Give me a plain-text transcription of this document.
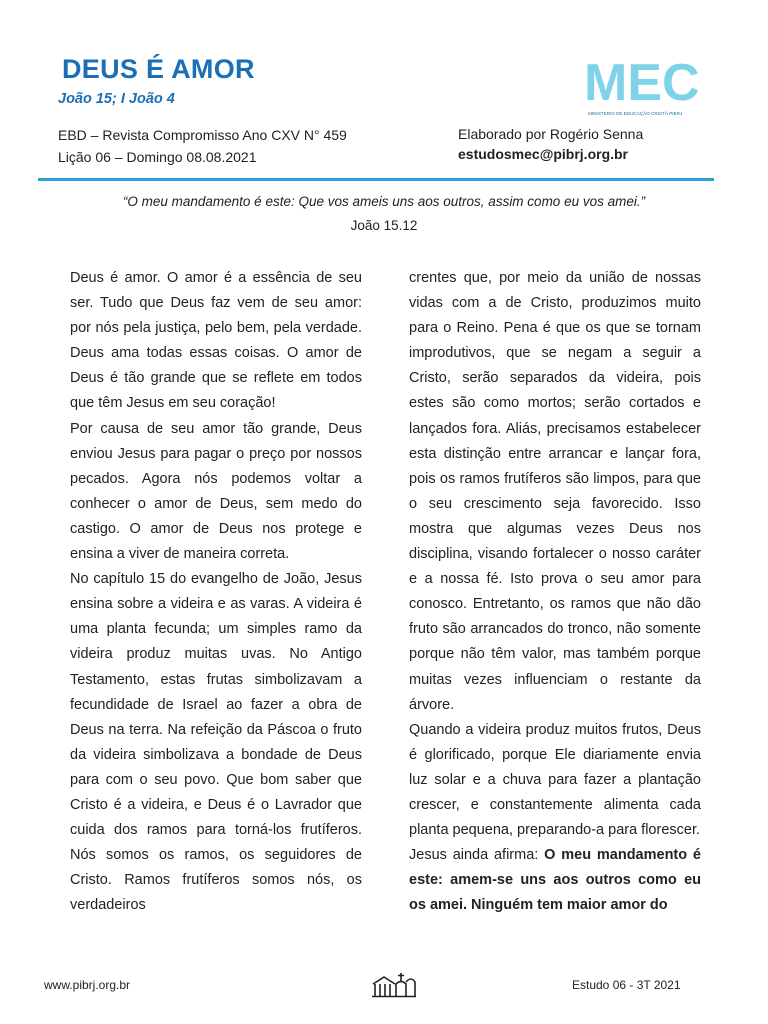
DEUS É AMOR
João 15; I João 4
EBD – Revista Compromisso Ano CXV N° 459
Lição 06 – Domingo 08.08.2021
Elaborado por Rogério Senna
estudosmec@pibrj.org.br
MEC
MINISTÉRIO DE EDUCAÇÃO CRISTÃ PIBRJ
“O meu mandamento é este: Que vos ameis uns aos outros, assim como eu vos amei.”
João 15.12

Deus é amor. O amor é a essência de seu ser. Tudo que Deus faz vem de seu amor: por nós pela justiça, pelo bem, pela verdade. Deus ama todas essas coisas. O amor de Deus é tão grande que se reflete em todos que têm Jesus em seu coração!

Por causa de seu amor tão grande, Deus enviou Jesus para pagar o preço por nossos pecados. Agora nós podemos voltar a conhecer o amor de Deus, sem medo do castigo. O amor de Deus nos protege e ensina a viver de maneira correta.

No capítulo 15 do evangelho de João, Jesus ensina sobre a videira e as varas. A videira é uma planta fecunda; um simples ramo da videira produz muitas uvas. No Antigo Testamento, estas frutas simbolizavam a fecundidade de Israel ao fazer a obra de Deus na terra. Na refeição da Páscoa o fruto da videira simbolizava a bondade de Deus para com o seu povo. Que bom saber que Cristo é a videira, e Deus é o Lavrador que cuida dos ramos para torná-los frutíferos. Nós somos os ramos, os seguidores de Cristo. Ramos frutíferos somos nós, os verdadeiros

crentes que, por meio da união de nossas vidas com a de Cristo, produzimos muito para o Reino. Pena é que os que se tornam improdutivos, que se negam a seguir a Cristo, serão separados da videira, pois estes são como mortos; serão cortados e lançados fora. Aliás, precisamos estabelecer esta distinção entre arrancar e lançar fora, pois os ramos frutíferos são limpos, para que o seu crescimento seja favorecido. Isso mostra que algumas vezes Deus nos disciplina, visando fortalecer o nosso caráter e a nossa fé. Isto prova o seu amor para conosco. Entretanto, os ramos que não dão fruto são arrancados do tronco, não somente porque não têm valor, mas também porque muitas vezes influenciam o restante da árvore.

Quando a videira produz muitos frutos, Deus é glorificado, porque Ele diariamente envia luz solar e a chuva para fazer a plantação crescer, e constantemente alimenta cada planta pequena, preparando-a para florescer.

Jesus ainda afirma: O meu mandamento é este: amem-se uns aos outros como eu os amei. Ninguém tem maior amor do

www.pibrj.org.br	Estudo 06 - 3T 2021
